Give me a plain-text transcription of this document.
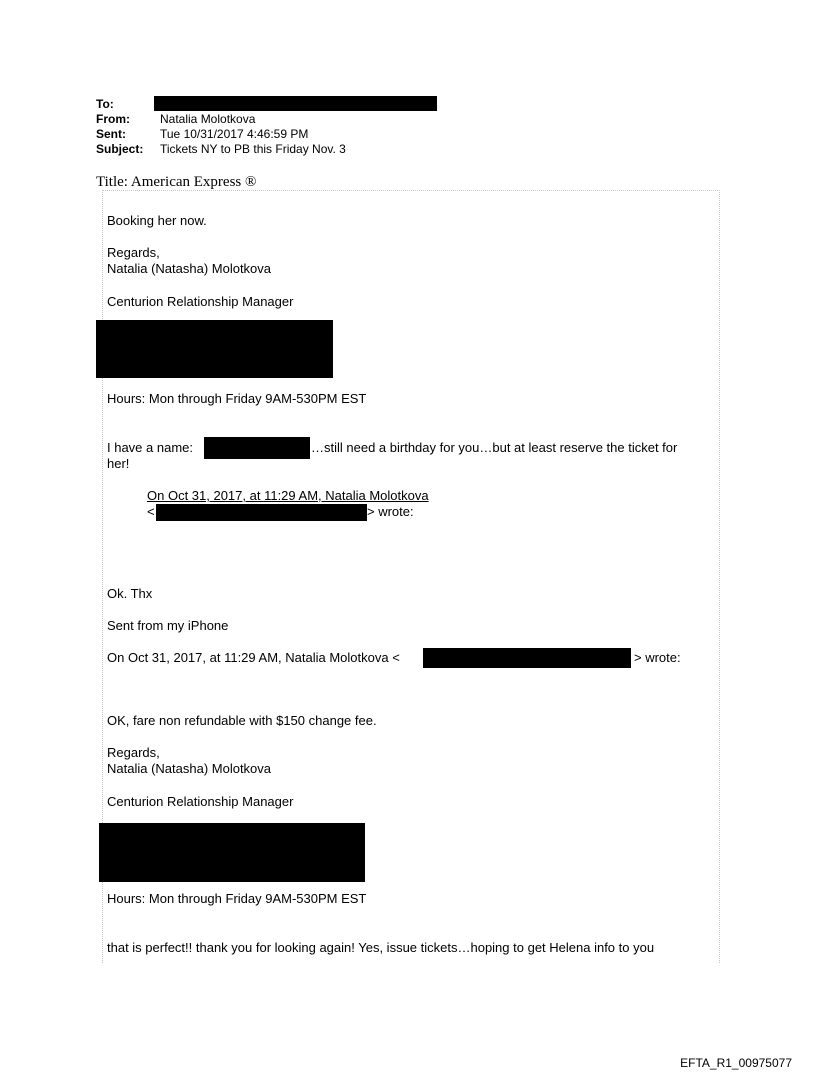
To:
From:	Natalia Molotkova
Sent:	Tue 10/31/2017 4:46:59 PM
Subject: Tickets NY to PB this Friday Nov. 3
Title: American Express ®
Booking her now.
Regards,
Natalia (Natasha) Molotkova
Centurion Relationship Manager
Hours: Mon through Friday 9AM-530PM EST
I have a name:	…still need a birthday for you…but at least reserve the ticket for
her!
On Oct 31, 2017, at 11:29 AM, Natalia Molotkova
<	> wrote:
Ok. Thx
Sent from my iPhone
On Oct 31, 2017, at 11:29 AM, Natalia Molotkova <	> wrote:
OK, fare non refundable with $150 change fee.
Regards,
Natalia (Natasha) Molotkova
Centurion Relationship Manager
Hours: Mon through Friday 9AM-530PM EST
that is perfect!! thank you for looking again! Yes, issue tickets…hoping to get Helena info to you
EFTA_R1_00975077
